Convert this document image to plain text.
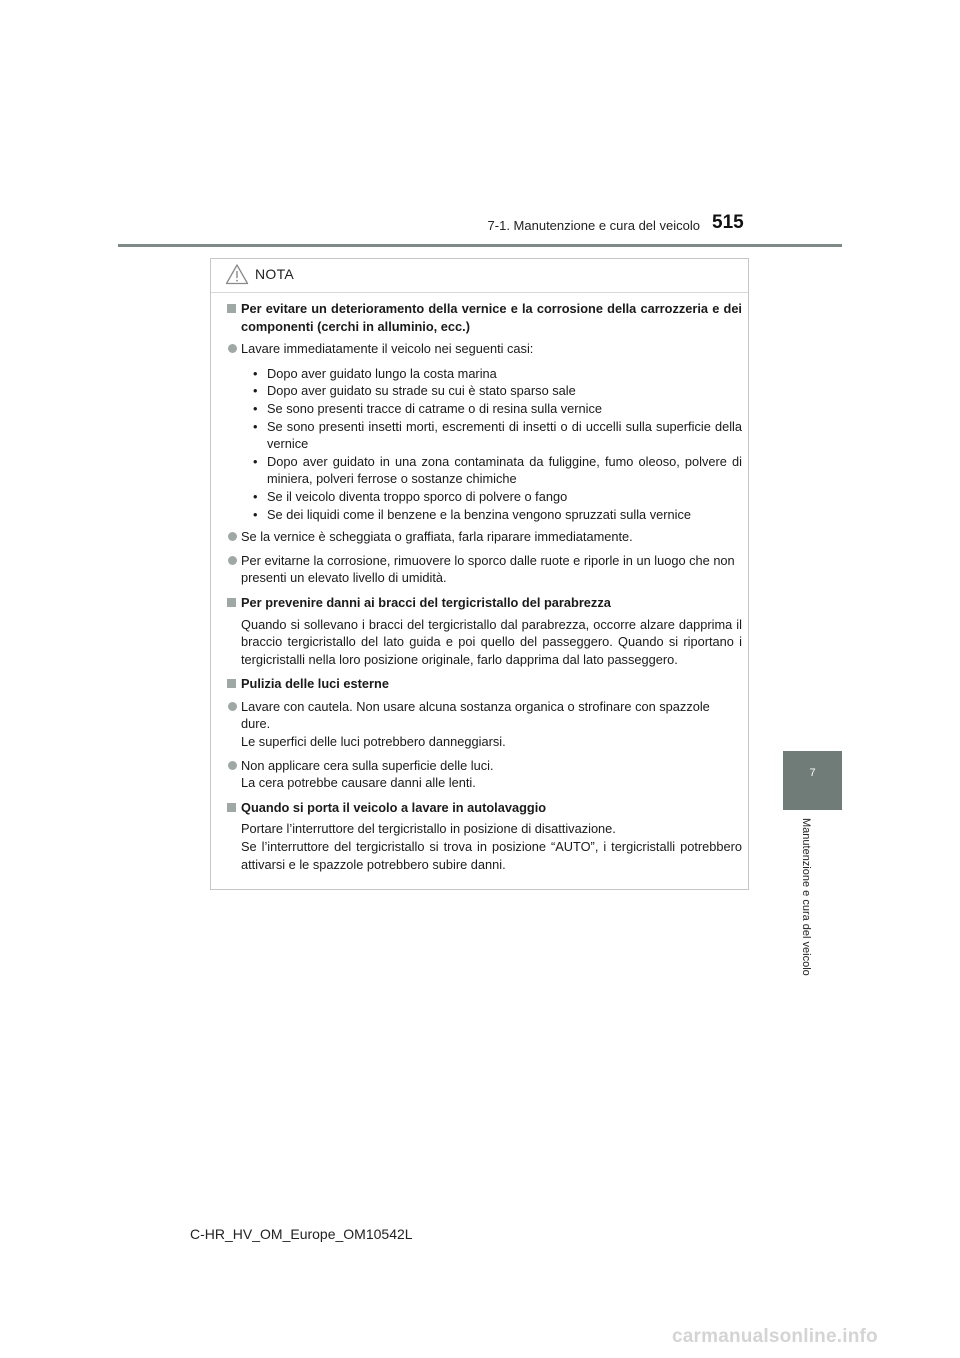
7-1. Manutenzione e cura del veicolo 515
7
Manutenzione e cura del veicolo
NOTA
Per evitare un deterioramento della vernice e la corrosione della carrozzeria e dei componenti (cerchi in alluminio, ecc.)
Lavare immediatamente il veicolo nei seguenti casi:
• Dopo aver guidato lungo la costa marina
• Dopo aver guidato su strade su cui è stato sparso sale
• Se sono presenti tracce di catrame o di resina sulla vernice
• Se sono presenti insetti morti, escrementi di insetti o di uccelli sulla superficie della vernice
• Dopo aver guidato in una zona contaminata da fuliggine, fumo oleoso, polvere di miniera, polveri ferrose o sostanze chimiche
• Se il veicolo diventa troppo sporco di polvere o fango
• Se dei liquidi come il benzene e la benzina vengono spruzzati sulla vernice
Se la vernice è scheggiata o graffiata, farla riparare immediatamente.
Per evitarne la corrosione, rimuovere lo sporco dalle ruote e riporle in un luogo che non presenti un elevato livello di umidità.
Per prevenire danni ai bracci del tergicristallo del parabrezza
Quando si sollevano i bracci del tergicristallo dal parabrezza, occorre alzare dapprima il braccio tergicristallo del lato guida e poi quello del passeggero. Quando si riportano i tergicristalli nella loro posizione originale, farlo dapprima dal lato passeggero.
Pulizia delle luci esterne
Lavare con cautela. Non usare alcuna sostanza organica o strofinare con spazzole dure.
Le superfici delle luci potrebbero danneggiarsi.
Non applicare cera sulla superficie delle luci.
La cera potrebbe causare danni alle lenti.
Quando si porta il veicolo a lavare in autolavaggio
Portare l’interruttore del tergicristallo in posizione di disattivazione.
Se l’interruttore del tergicristallo si trova in posizione “AUTO”, i tergicristalli potrebbero attivarsi e le spazzole potrebbero subire danni.
C-HR_HV_OM_Europe_OM10542L
carmanualsonline.info
